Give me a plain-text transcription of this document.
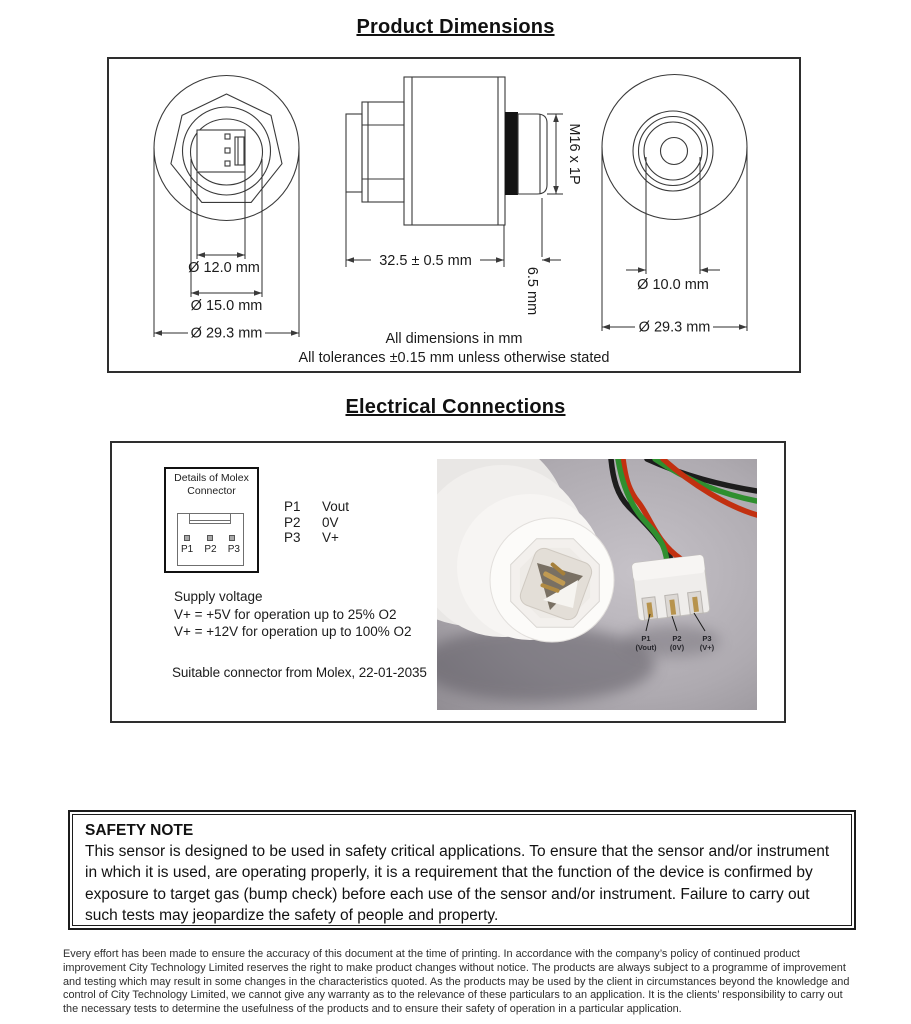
Product Dimensions
Ø 12.0 mm
Ø 15.0 mm
Ø 29.3 mm
32.5 ± 0.5 mm
6.5 mm
M16 x 1P
Ø 10.0 mm
Ø 29.3 mm
All dimensions in mm
All tolerances ±0.15 mm unless otherwise stated
Electrical Connections
Details of Molex
Connector
P1 P2 P3
P1	Vout
P2	0V
P3	V+
Supply voltage
V+ = +5V for operation up to 25% O2
V+ = +12V for operation up to 100% O2
Suitable connector from Molex, 22-01-2035
P1
(Vout)
P2
(0V)
P3
(V+)
SAFETY NOTE
This sensor is designed to be used in safety critical applications. To ensure that the sensor and/or instrument in which it is used, are operating properly, it is a requirement that the function of the device is confirmed by exposure to target gas (bump check) before each use of the sensor and/or instrument. Failure to carry out such tests may jeopardize the safety of people and property.
Every effort has been made to ensure the accuracy of this document at the time of printing. In accordance with the company’s policy of continued product improvement City Technology Limited reserves the right to make product changes without notice. The products are always subject to a programme of improvement and testing which may result in some changes in the characteristics quoted. As the products may be used by the client in circumstances beyond the knowledge and control of City Technology Limited, we cannot give any warranty as to the relevance of these particulars to an application. It is the clients’ responsibility to carry out the necessary tests to determine the usefulness of the products and to ensure their safety of operation in a particular application.
